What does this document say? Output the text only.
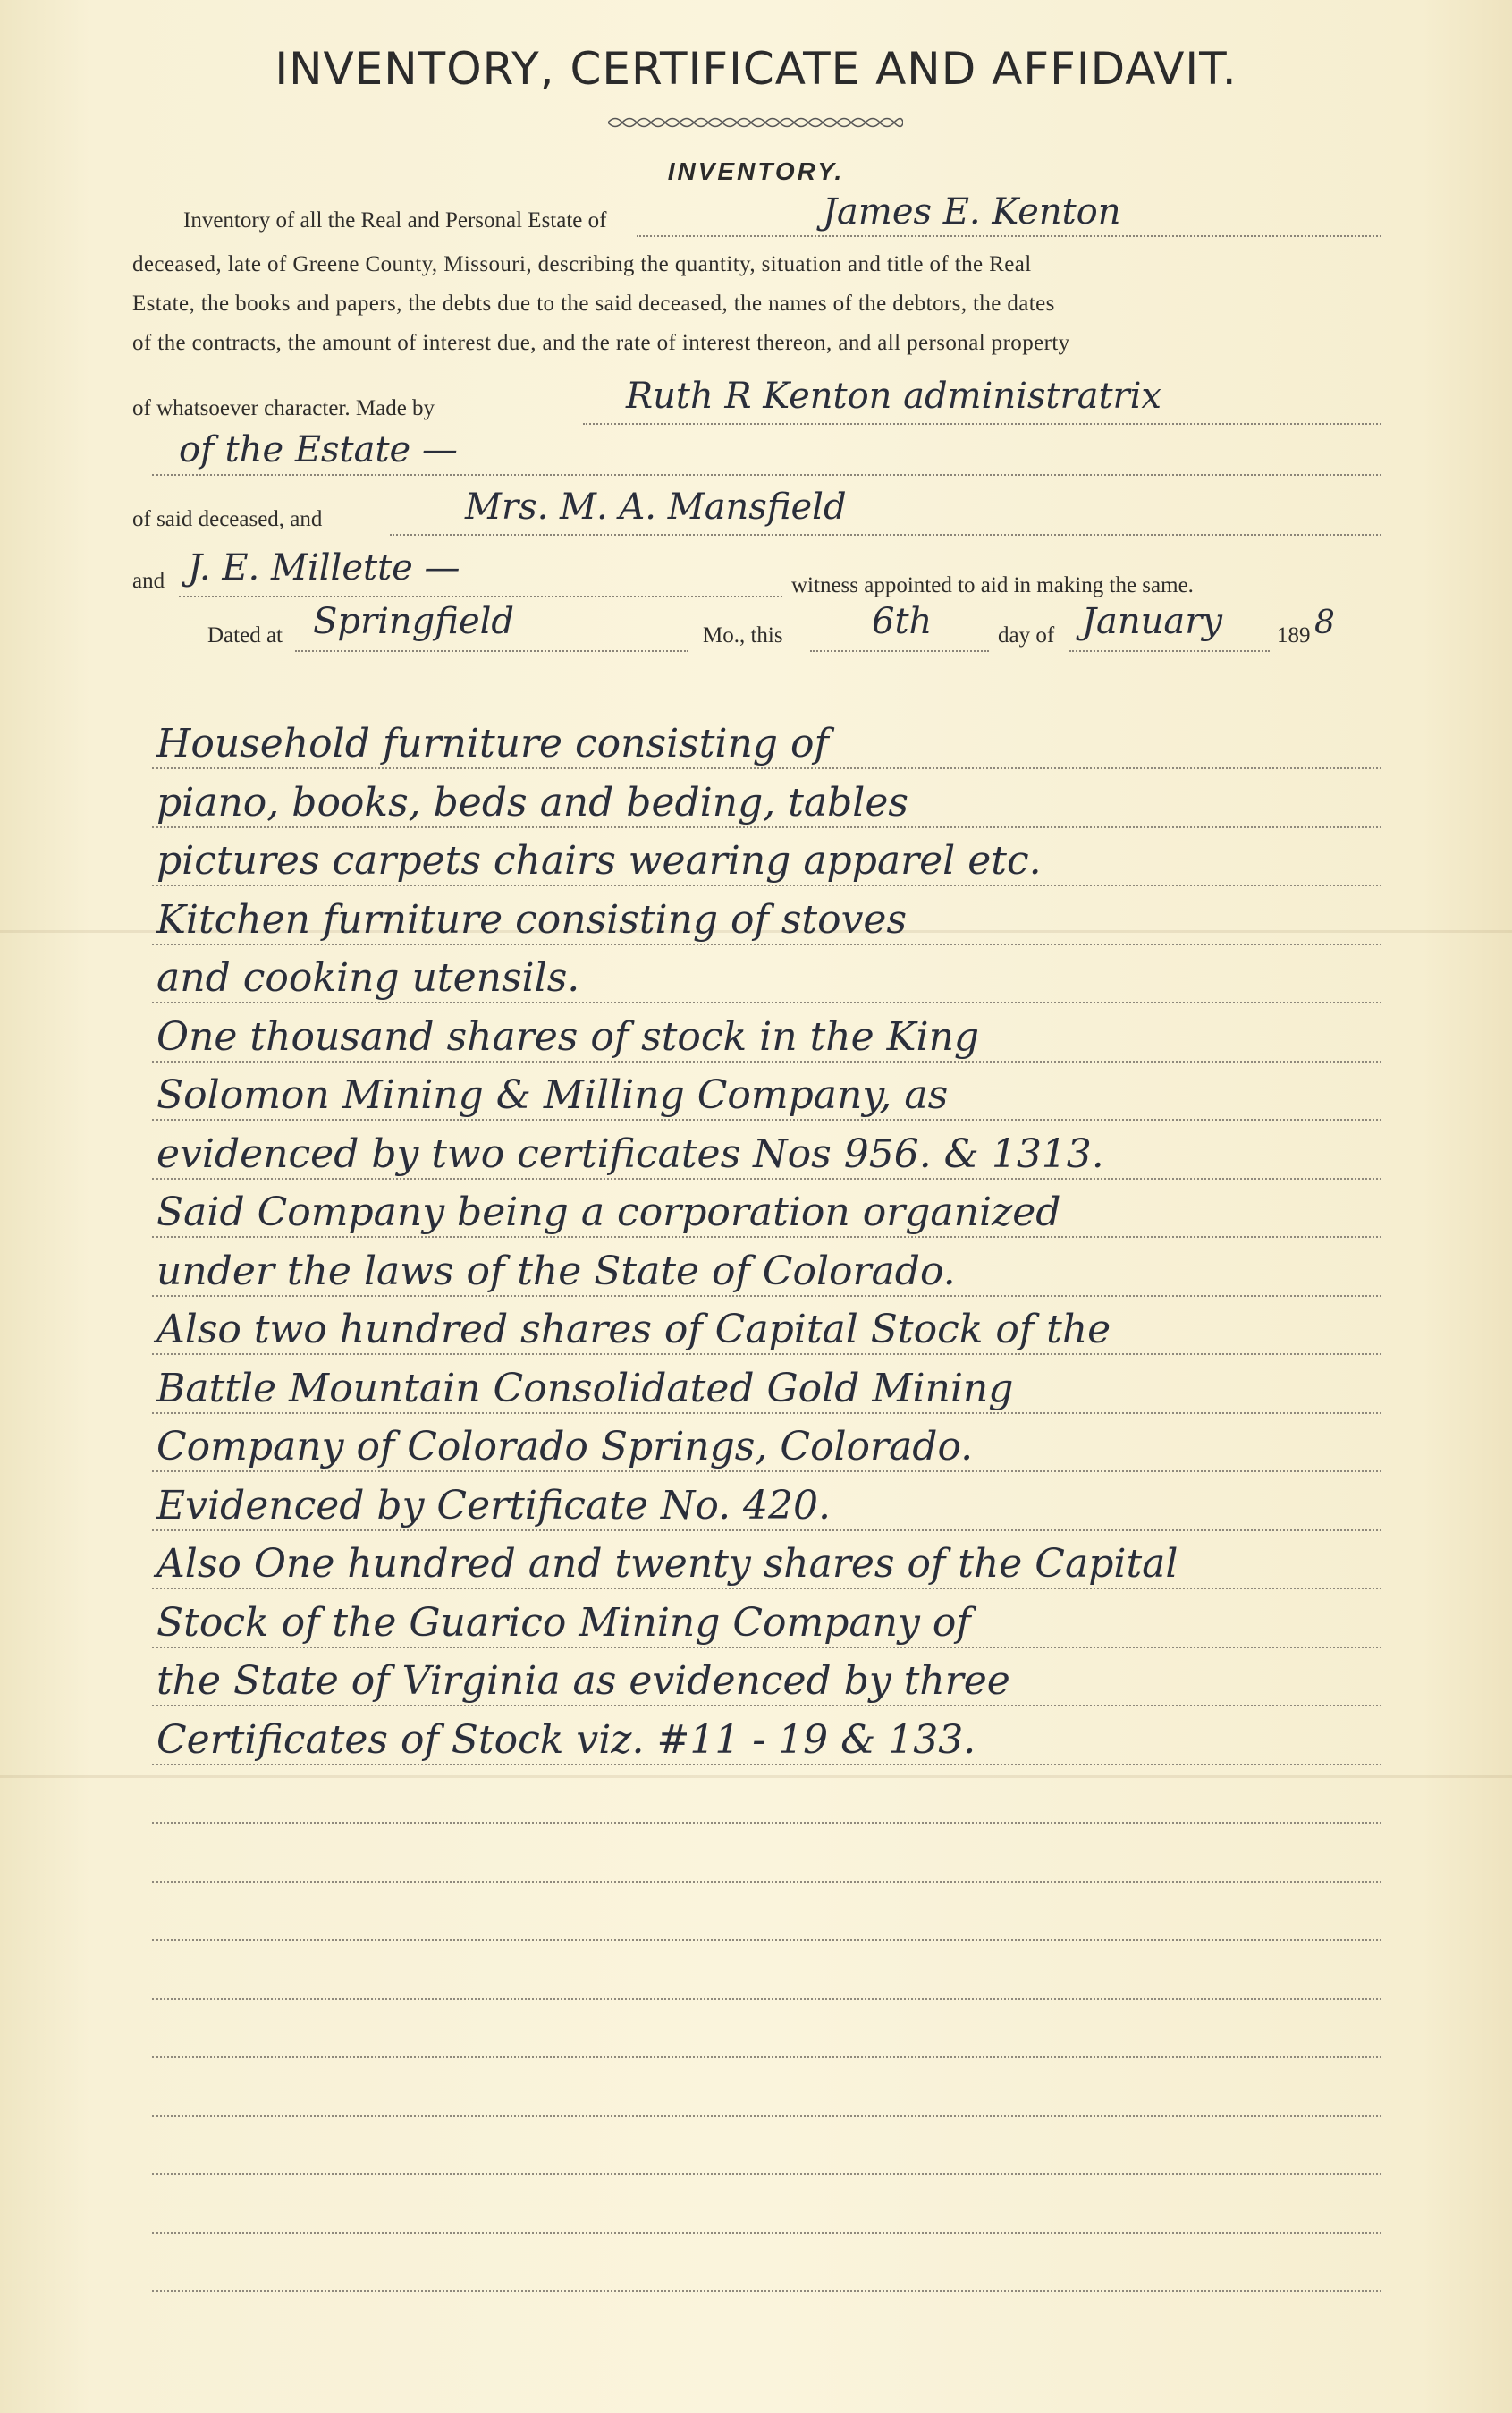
INVENTORY, CERTIFICATE AND AFFIDAVIT.
INVENTORY.
Inventory of all the Real and Personal Estate of	James E. Kenton
deceased, late of Greene County, Missouri, describing the quantity, situation and title of the Real
Estate, the books and papers, the debts due to the said deceased, the names of the debtors, the dates
of the contracts, the amount of interest due, and the rate of interest thereon, and all personal property
of whatsoever character. Made by	Ruth R Kenton administratrix
of the Estate —
of said deceased, and	Mrs. M. A. Mansfield
and J. E. Millette —	witness appointed to aid in making the same.
Dated at Springfield	Mo., this 6th	day of January 189 8
Household furniture consisting of
piano, books, beds and beding, tables
pictures carpets chairs wearing apparel etc.
Kitchen furniture consisting of stoves
and cooking utensils.
One thousand shares of stock in the King
Solomon Mining & Milling Company, as
evidenced by two certificates Nos 956. & 1313.
Said Company being a corporation organized
under the laws of the State of Colorado.
Also two hundred shares of Capital Stock of the
Battle Mountain Consolidated Gold Mining
Company of Colorado Springs, Colorado.
Evidenced by Certificate No. 420.
Also One hundred and twenty shares of the Capital
Stock of the Guarico Mining Company of
the State of Virginia as evidenced by three
Certificates of Stock viz. #11 - 19 & 133.
